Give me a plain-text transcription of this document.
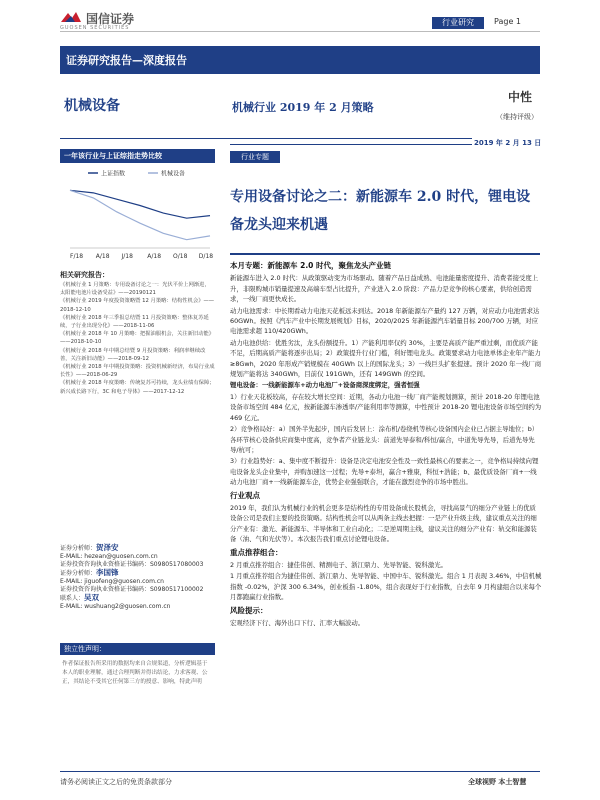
国信证券
GUOSEN SECURITIES
行业研究	Page 1
证券研究报告—深度报告
机械设备	机械行业 2019 年 2 月策略
中性
（维持评级）
2019 年 2 月 13 日
一年该行业与上证综指走势比较
上证指数	机械设备
F/18 A/18 J/18 A/18 O/18 D/18
行业专题
专用设备讨论之二：新能源车 2.0 时代，锂电设备龙头迎来机遇
相关研究报告：
《机械行业 1 月策略：专用设备讨论之一：光伏平价上网渐进，太阳能电池片设备受益》——20190121
《机械行业 2019 年度投资策略暨 12 月策略：结构性机会》——2018-12-10
《机械行业 2018 年三季报总结暨 11 月投资策略：整体复苏延续，子行业出现分化》——2018-11-06
《机械行业 2018 年 10 月策略：把握油服机会，关注新旧动能》——2018-10-10
《机械行业 2018 年中期总结暨 9 月投资策略：利润率继续改善，关注新旧动能》——2018-09-12
《机械行业 2018 年中期投资策略：投资机械新经济，布局行业成长性》——2018-06-29
《机械行业 2018 年度策略：传统复苏可持续，龙头业绩有保障；新兴成长路下行，3C 和电子导体》——2017-12-12
证券分析师：贺泽安
E-MAIL: hezean@guosen.com.cn
证券投资咨询执业资格证书编码：S0980517080003
证券分析师：李国锋
E-MAIL: jiguofeng@guosen.com.cn
证券投资咨询执业资格证书编码：S0980517100002
联系人：吴双
E-MAIL: wushuang2@guosen.com.cn
独立性声明：
作者保证报告所采用的数据均来自合规渠道，分析逻辑基于本人的职业理解，通过合理判断并得出结论，力求客观、公正，其结论不受其它任何第三方的授意、影响，特此声明

本月专题：新能源车 2.0 时代，聚焦龙头产业链

新能源车进入 2.0 时代：从政策驱动变为市场驱动。随着产品日益成熟、电池能量密度提升、消费者接受度上升，非限购城市销量提速及高端车型占比提升，产业进入 2.0 阶段：产品力是竞争的核心要素，供给创造需求，一线厂商更快成长。

动力电池需求：中长期看动力电池天花板远未到达。2018 年新能源车产量约 127 万辆，对应动力电池需求达 60GWh。按照《汽车产业中长期发展规划》目标，2020/2025 年新能源汽车销量目标 200/700 万辆，对应电池需求超 110/420GWh。

动力电池供给：优胜劣汰，龙头份额提升。1）产能利用率仅约 30%，主要是高质产能严重过剩，而优质产能不足，后期高质产能将逐步出局；2）政策提升行业门槛，利好锂电龙头。政策要求动力电池单体企业年产能力 ≥8Gwh，2020 年形成产销规模在 40GWh 以上的国际龙头；3）一线巨头扩张提速。预计 2020 年一线厂商规划产能将达 340GWh，目前仅 191GWh，还有 149GWh 的空间。

锂电设备：一线新能源车+动力电池厂+设备商深度绑定，强者恒强

1）行业天花板较高，存在较大增长空间：近期，各动力电池一线厂商产能规划测算，预计 2018-20 年锂电池设备市场空间 484 亿元，按新能源车渗透率/产能利用率等测算，中性预计 2018-20 锂电池设备市场空间约为 469 亿元。

2）竞争格局好：a）国外半先起步，国内后发居上：涂布机/卷绕机等核心设备国内企业已占据主导地位；b）各环节核心设备供应商集中度高，竞争者产业链龙头：前道先导泰和/科恒/赢合，中道先导先导，后道先导先导/杭可；

3）行业趋势好：a、集中度不断提升：设备是决定电池安全性及一致性最核心的要素之一，竞争格局持续向锂电设备龙头企业集中，并购加速这一过程；先导+泰坦，赢合+雅康，科恒+浩能；b、最优质设备厂商+一线动力电池厂商+一线新能源车企，优势企业强强联合，才能在激烈竞争的市场中胜出。

行业观点

2019 年，我们认为机械行业的机会更多是结构性的专用设备成长股机会，寻找高景气的细分产业链上的优质设备公司是我们主要的投资策略。结构性机会可以从两条主线去把握：一是产业升级主线，建议重点关注的细分产业有：激光、新能源车、半导体和工业自动化；二是逆周期主线，建议关注的细分产业有：轨交和能源装备（油、气和光伏等）。本次报告我们重点讨论锂电设备。

重点推荐组合：

2 月重点推荐组合：捷佳伟创、精测电子、浙江鼎力、先导智能、锐科激光。

1 月重点推荐组合为捷佳伟创、浙江鼎力、先导智能、中国中车、锐科激光。组合 1 月表现 3.46%，中信机械指数 -0.02%，沪深 300 6.34%，创业板指 -1.80%，组合表现好于行业指数，自去年 9 月构建组合以来每个月都跑赢行业指数。

风险提示：

宏观经济下行、海外出口下行、汇率大幅波动。

请务必阅读正文之后的免责条款部分	全球视野 本土智慧
